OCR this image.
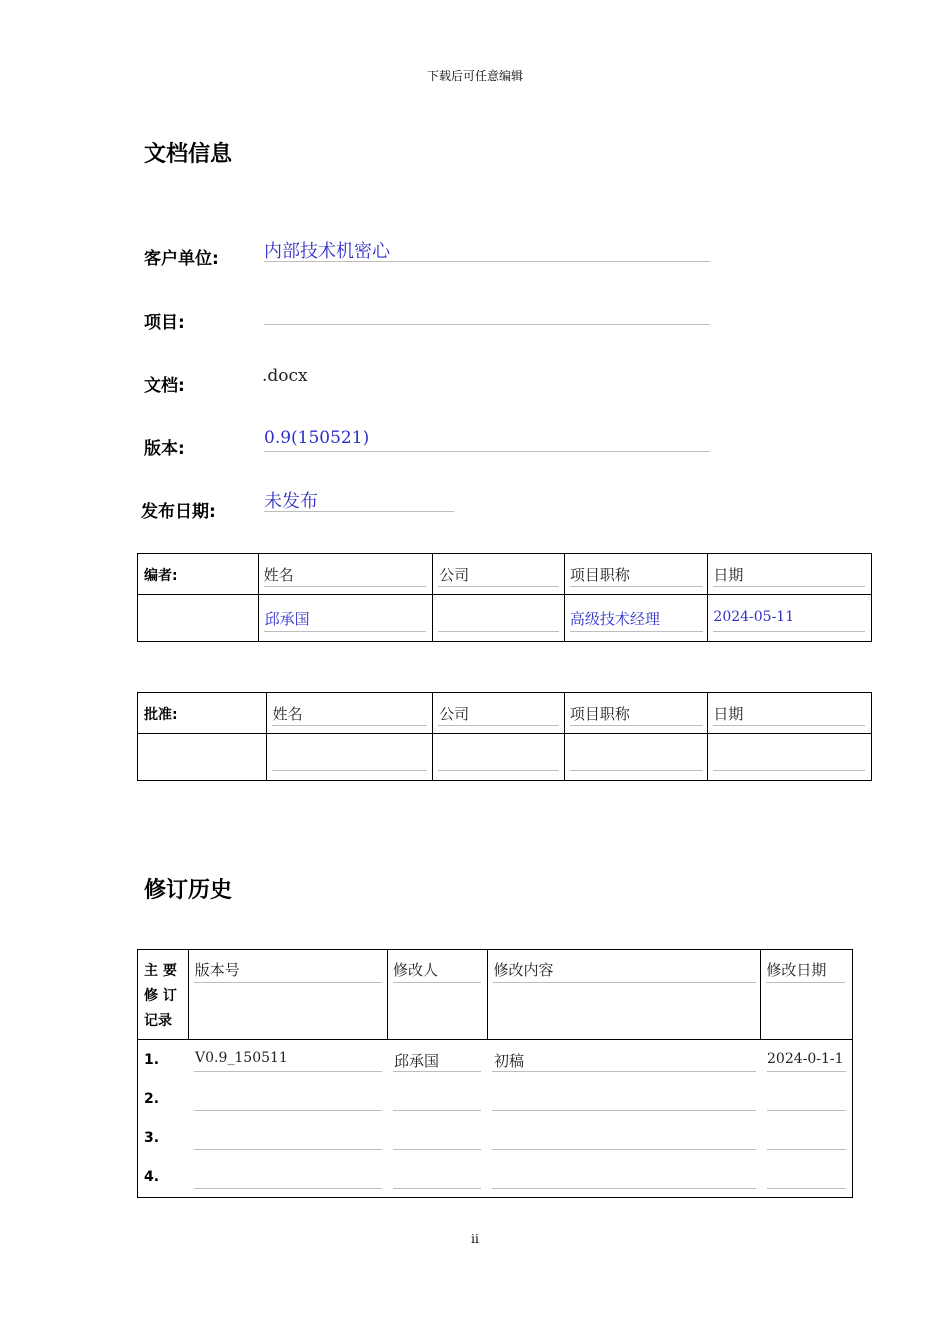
下载后可任意编辑
文档信息
客户单位:	内部技术机密心
项目:
文档:	.docx
版本:
0.9(150521)
发布日期:	未发布
编者:	姓名	公司	项目职称	日期

	邱承国		高级技术经理	2024-05-11
批准:	姓名	公司	项目职称	日期

修订历史
主 要
修 订
记录

版本号	修改人	修改内容	修改日期

1.	V0.9_150511	邱承国	初稿	2024-0-1-1
2.
3.
4.
ii
